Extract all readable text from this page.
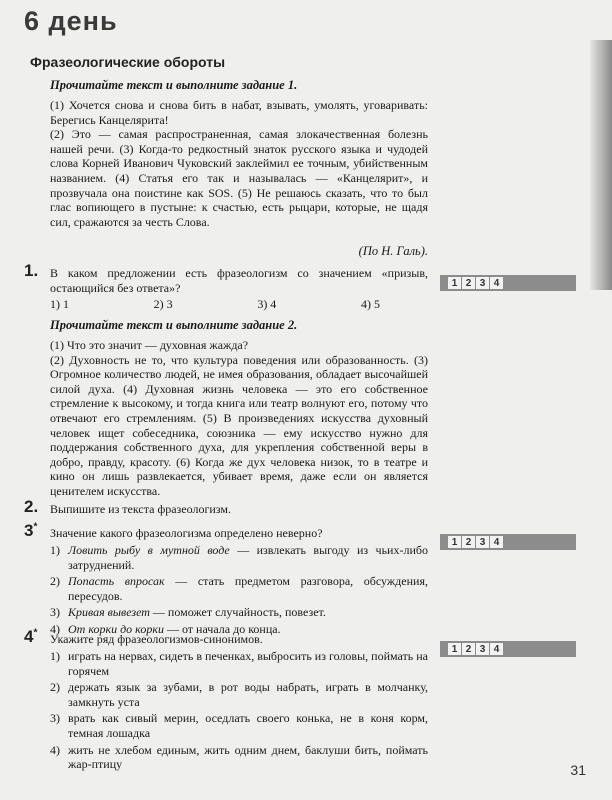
6 день
Фразеологические обороты
Прочитайте текст и выполните задание 1.

(1) Хочется снова и снова бить в набат, взывать, умолять, уговаривать: Берегись Канцелярита!

(2) Это — самая распространенная, самая злокачественная болезнь нашей речи. (3) Когда-то редкостный знаток русского языка и чудодей слова Корней Иванович Чуковский заклеймил ее точным, убийственным названием. (4) Статья его так и называлась — «Канцелярит», и прозвучала она поистине как SOS. (5) Не решаюсь сказать, что то был глас вопиющего в пустыне: к счастью, есть рыцари, которые, не щадя сил, сражаются за честь Слова.

(По Н. Галь).
1. В каком предложении есть фразеологизм со значением «призыв, остающийся без ответа»?
1) 1	2) 3	3) 4	4) 5
1 2 3 4
Прочитайте текст и выполните задание 2.

(1) Что это значит — духовная жажда?

(2) Духовность не то, что культура поведения или образованность. (3) Огромное количество людей, не имея образования, обладает высочайшей силой духа. (4) Духовная жизнь человека — это его собственное стремление к высокому, и тогда книга или театр волнуют его, потому что отвечают его стремлениям. (5) В произведениях искусства духовный человек ищет собеседника, союзника — ему искусство нужно для поддержания собственного духа, для укрепления собственной веры в добро, правду, красоту. (6) Когда же дух человека низок, то в театре и кино он лишь развлекается, убивает время, даже если он является ценителем искусства.

2. Выпишите из текста фразеологизм.
3* Значение какого фразеологизма определено неверно?
1 2 3 4
1) Ловить рыбу в мутной воде — извлекать выгоду из чьих-либо затруднений.
2) Попасть впросак — стать предметом разговора, обсуждения, пересудов.
3) Кривая вывезет — поможет случайность, повезет.
4) От корки до корки — от начала до конца.
4* Укажите ряд фразеологизмов-синонимов.
1 2 3 4
1) играть на нервах, сидеть в печенках, выбросить из головы, поймать на горячем
2) держать язык за зубами, в рот воды набрать, играть в молчанку, замкнуть уста
3) врать как сивый мерин, оседлать своего конька, не в коня корм, темная лошадка
4) жить не хлебом единым, жить одним днем, баклуши бить, поймать жар-птицу	31
